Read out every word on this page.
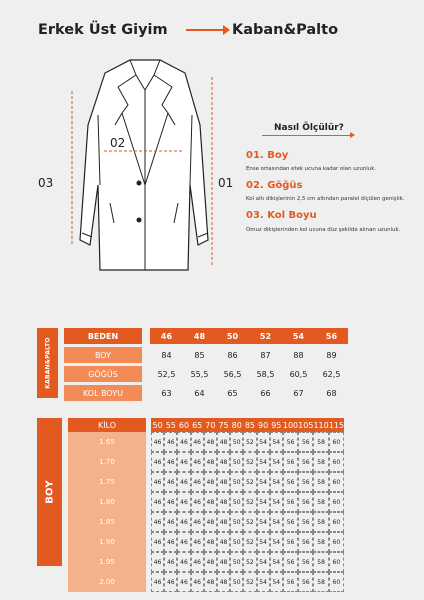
Erkek Üst Giyim	Kaban&Palto
02
01
03
Nasıl Ölçülür?
01. Boy
Ense ortasından etek ucuna kadar olan uzunluk.
02. Göğüs
Kol altı dikişlerinin 2,5 cm altından paralel ölçülen genişlik.
03. Kol Boyu
Omuz dikişlerinden kol ucuna düz şekilde alınan uzunluk.
KABAN&PALTO
BEDEN		46	48	50	52	54	56

BOY		84	85	86	87	88	89

GÖĞÜS		52,5	55,5	56,5	58,5	60,5	62,5

KOL BOYU		63	64	65	66	67	68
BOY
KİLO		50	55	60	65	70	75	80	85	90	95	100	105	110	115
1.65		46	46	46	46	48	48	50	52	54	54	56	56	58	60
1.70		46	46	46	46	48	48	50	52	54	54	56	56	58	60
1.75		46	46	46	46	48	48	50	52	54	54	56	56	58	60
1.80		46	46	46	46	48	48	50	52	54	54	56	56	58	60
1.85		46	46	46	46	48	48	50	52	54	54	56	56	58	60
1.90		46	46	46	46	48	48	50	52	54	54	56	56	58	60
1.95		46	46	46	46	48	48	50	52	54	54	56	56	58	60
2.00		46	46	46	46	48	48	50	52	54	54	56	56	58	60
